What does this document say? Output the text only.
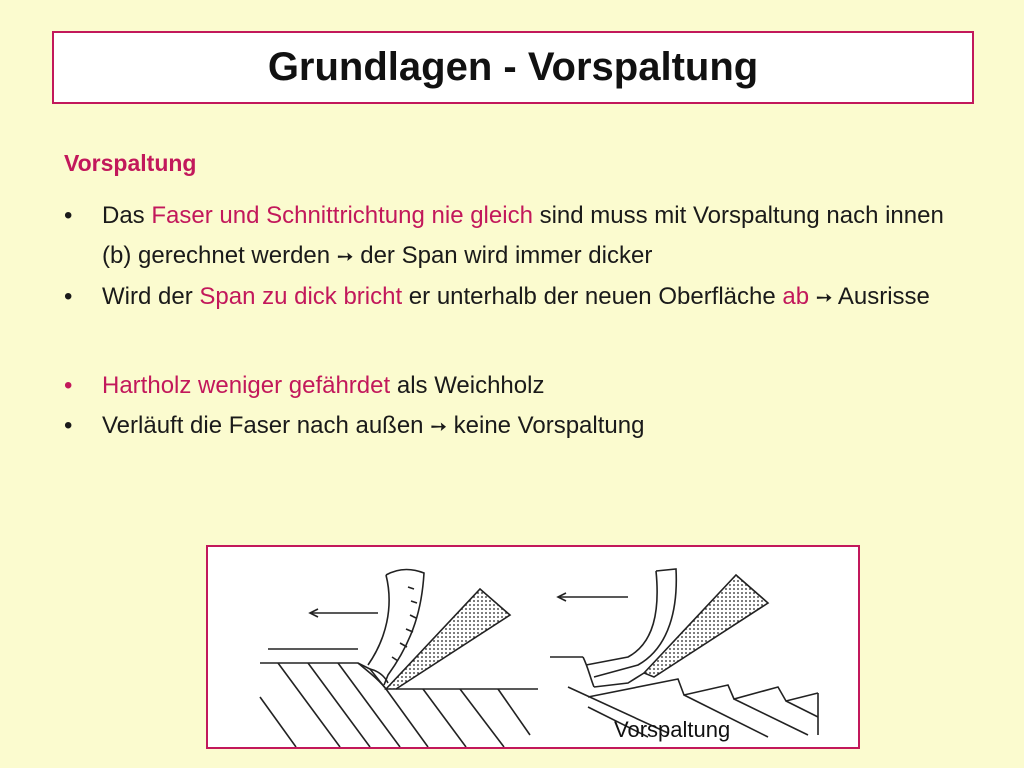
Grundlagen - Vorspaltung
Vorspaltung
• Das Faser und Schnittrichtung nie gleich sind muss mit Vorspaltung nach innen (b) gerechnet werden ➙ der Span wird immer dicker
• Wird der Span zu dick bricht er unterhalb der neuen Oberfläche ab ➙ Ausrisse
• Hartholz weniger gefährdet als Weichholz
• Verläuft die Faser nach außen ➙ keine Vorspaltung
Vorspaltung
